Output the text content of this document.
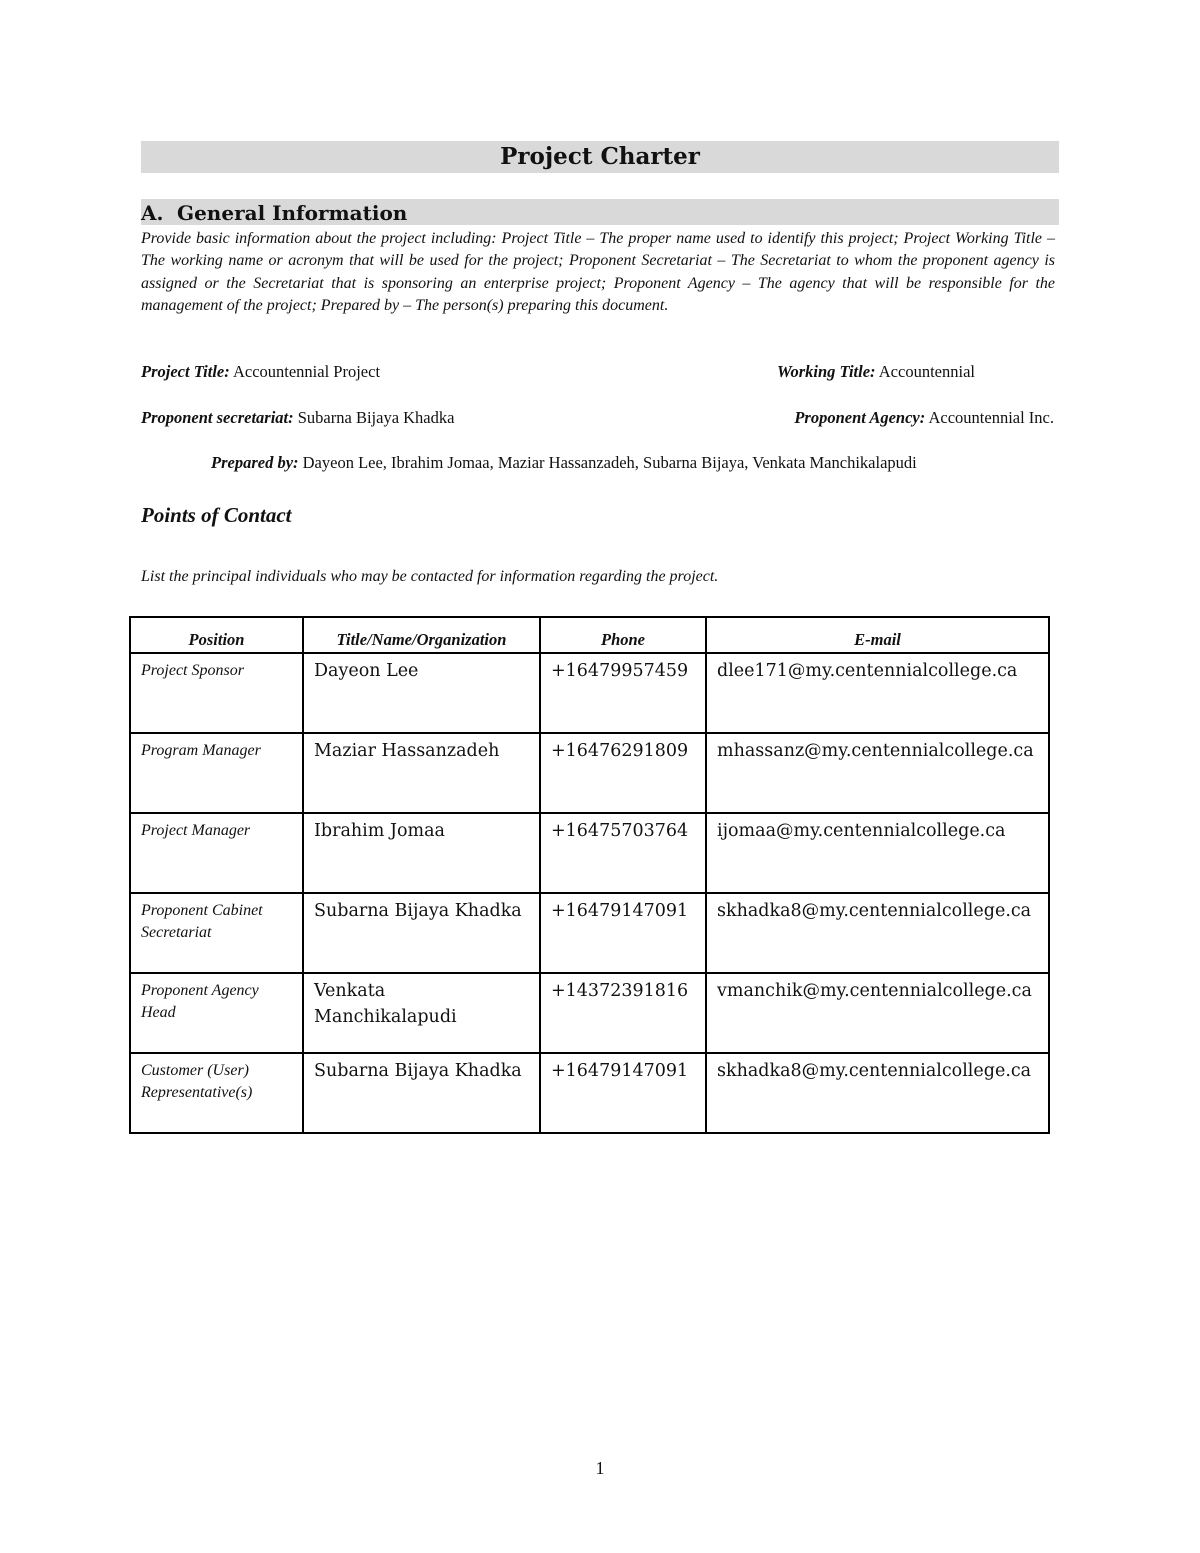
Project Charter
A. General Information
Provide basic information about the project including: Project Title – The proper name used to identify this project; Project Working Title – The working name or acronym that will be used for the project; Proponent Secretariat – The Secretariat to whom the proponent agency is assigned or the Secretariat that is sponsoring an enterprise project; Proponent Agency – The agency that will be responsible for the management of the project; Prepared by – The person(s) preparing this document.
Project Title: Accountennial Project	Working Title: Accountennial
Proponent secretariat: Subarna Bijaya Khadka	Proponent Agency: Accountennial Inc.
Prepared by: Dayeon Lee, Ibrahim Jomaa, Maziar Hassanzadeh, Subarna Bijaya, Venkata Manchikalapudi
Points of Contact
List the principal individuals who may be contacted for information regarding the project.
Position	Title/Name/Organization	Phone	E-mail
Project Sponsor	Dayeon Lee	+16479957459	dlee171@my.centennialcollege.ca
Program Manager	Maziar Hassanzadeh	+16476291809	mhassanz@my.centennialcollege.ca
Project Manager	Ibrahim Jomaa	+16475703764	ijomaa@my.centennialcollege.ca
Proponent Cabinet Secretariat	Subarna Bijaya Khadka	+16479147091	skhadka8@my.centennialcollege.ca
Proponent Agency Head	Venkata Manchikalapudi	+14372391816	vmanchik@my.centennialcollege.ca
Customer (User) Representative(s)	Subarna Bijaya Khadka	+16479147091	skhadka8@my.centennialcollege.ca
1
